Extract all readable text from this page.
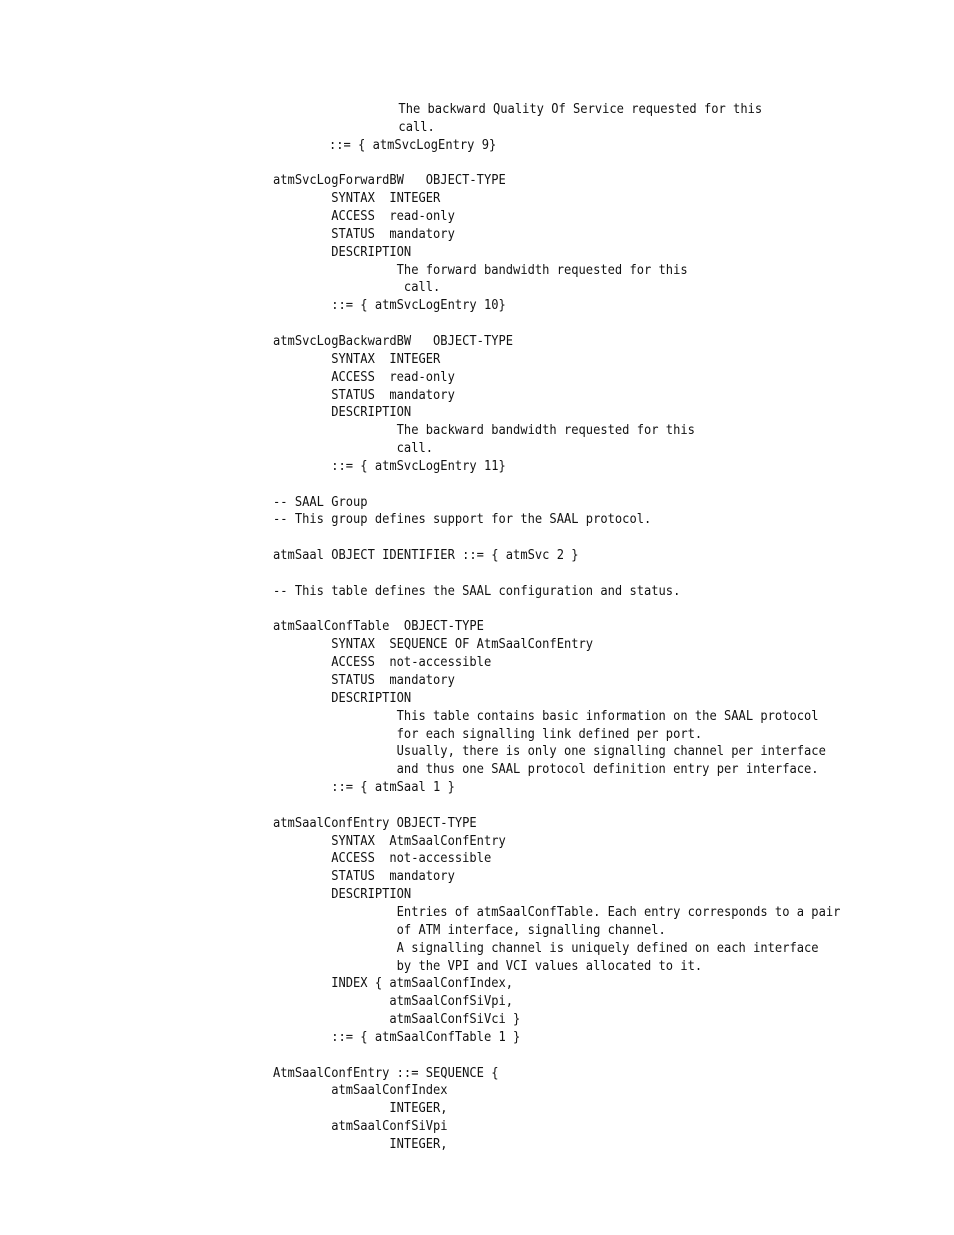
The backward Quality Of Service requested for this
call.
::= { atmSvcLogEntry 9}
atmSvcLogForwardBW   OBJECT-TYPE
SYNTAX  INTEGER
ACCESS  read-only
STATUS  mandatory
DESCRIPTION
The forward bandwidth requested for this
call.
::= { atmSvcLogEntry 10}
atmSvcLogBackwardBW   OBJECT-TYPE
SYNTAX  INTEGER
ACCESS  read-only
STATUS  mandatory
DESCRIPTION
The backward bandwidth requested for this
call.
::= { atmSvcLogEntry 11}
-- SAAL Group
-- This group defines support for the SAAL protocol.
atmSaal OBJECT IDENTIFIER ::= { atmSvc 2 }
-- This table defines the SAAL configuration and status.
atmSaalConfTable  OBJECT-TYPE
SYNTAX  SEQUENCE OF AtmSaalConfEntry
ACCESS  not-accessible
STATUS  mandatory
DESCRIPTION
This table contains basic information on the SAAL protocol
for each signalling link defined per port.
Usually, there is only one signalling channel per interface
and thus one SAAL protocol definition entry per interface.
::= { atmSaal 1 }
atmSaalConfEntry OBJECT-TYPE
SYNTAX  AtmSaalConfEntry
ACCESS  not-accessible
STATUS  mandatory
DESCRIPTION
Entries of atmSaalConfTable. Each entry corresponds to a pair
of ATM interface, signalling channel.
A signalling channel is uniquely defined on each interface
by the VPI and VCI values allocated to it.
INDEX { atmSaalConfIndex,
atmSaalConfSiVpi,
atmSaalConfSiVci }
::= { atmSaalConfTable 1 }
AtmSaalConfEntry ::= SEQUENCE {
atmSaalConfIndex
INTEGER,
atmSaalConfSiVpi
INTEGER,
